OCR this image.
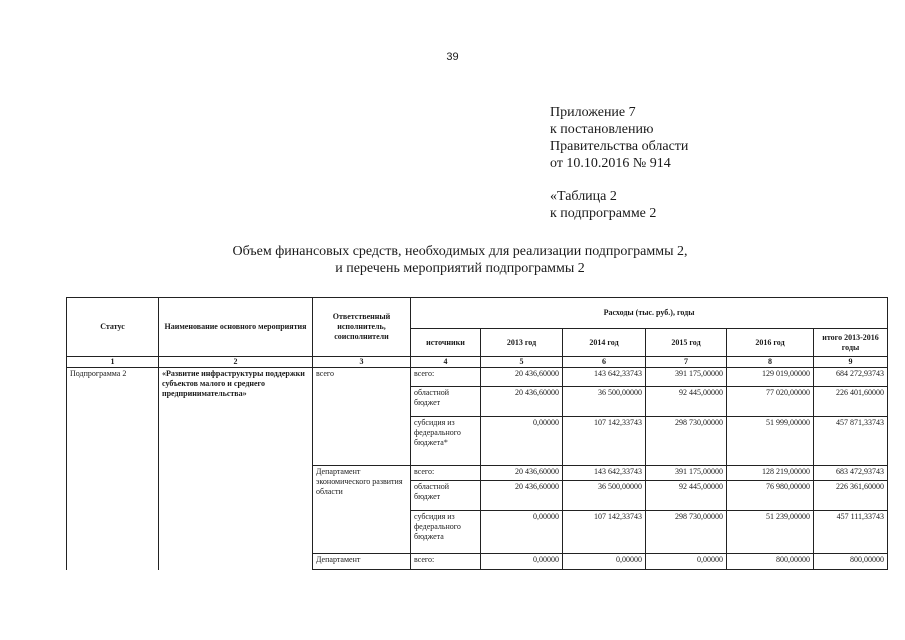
39
Приложение 7
к постановлению
Правительства области
от 10.10.2016 № 914
«Таблица 2
к подпрограмме 2
Объем финансовых средств, необходимых для реализации подпрограммы 2,
и перечень мероприятий подпрограммы 2
Статус	Наименование основного мероприятия	Ответственный исполнитель, соисполнители	Расходы (тыс. руб.), годы					
			источники	2013 год	2014 год	2015 год	2016 год	итого 2013-2016 годы
1	2	3	4	5	6	7	8	9
Подпрограмма 2	«Развитие инфраструктуры поддержки субъектов малого и среднего предпринимательства»	всего	всего:	20 436,60000	143 642,33743	391 175,00000	129 019,00000	684 272,93743
			областной бюджет	20 436,60000	36 500,00000	92 445,00000	77 020,00000	226 401,60000
			субсидия из федерального бюджета*	0,00000	107 142,33743	298 730,00000	51 999,00000	457 871,33743
		Департамент экономического развития области	всего:	20 436,60000	143 642,33743	391 175,00000	128 219,00000	683 472,93743
			областной бюджет	20 436,60000	36 500,00000	92 445,00000	76 980,00000	226 361,60000
			субсидия из федерального бюджета	0,00000	107 142,33743	298 730,00000	51 239,00000	457 111,33743
		Департамент	всего:	0,00000	0,00000	0,00000	800,00000	800,00000
